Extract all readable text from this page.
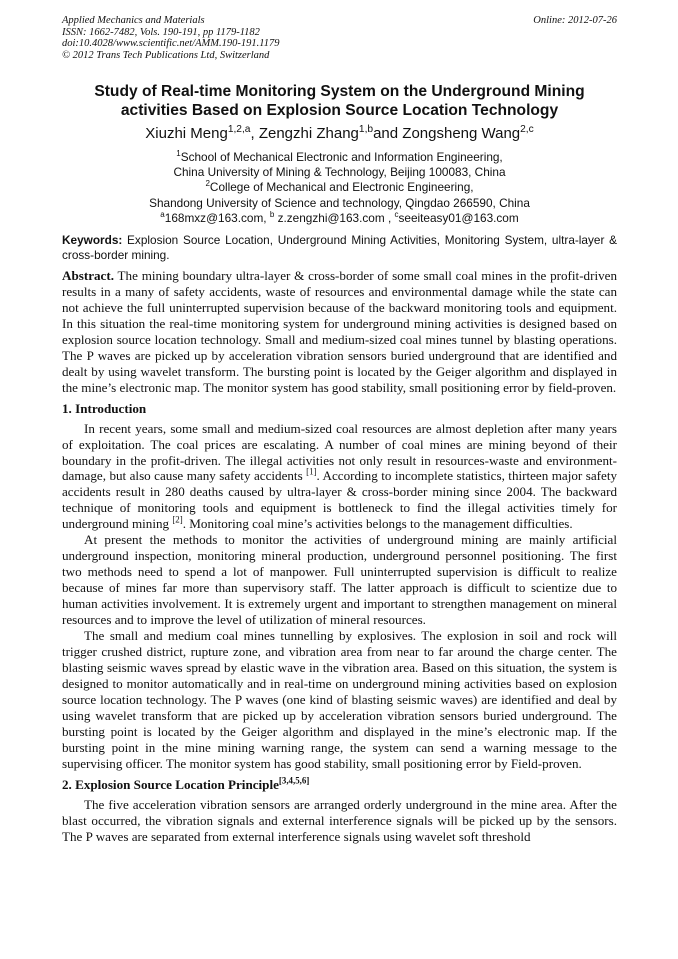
Applied Mechanics and Materials
ISSN: 1662-7482, Vols. 190-191, pp 1179-1182
doi:10.4028/www.scientific.net/AMM.190-191.1179
© 2012 Trans Tech Publications Ltd, Switzerland
Online: 2012-07-26
Study of Real-time Monitoring System on the Underground Mining
activities Based on Explosion Source Location Technology
Xiuzhi Meng$^{1,2,a}$, Zengzhi Zhang$^{1,b}$and Zongsheng Wang$^{2,c}$
$^1$School of Mechanical Electronic and Information Engineering,
China University of Mining & Technology, Beijing 100083, China
$^2$College of Mechanical and Electronic Engineering,
Shandong University of Science and technology, Qingdao 266590, China
$^a$168mxz@163.com, $^b$ z.zengzhi@163.com , $^c$seeiteasy01@163.com
Keywords: Explosion Source Location, Underground Mining Activities, Monitoring System, ultra-layer & cross-border mining.

Abstract. The mining boundary ultra-layer & cross-border of some small coal mines in the profit-driven results in a many of safety accidents, waste of resources and environmental damage while the state can not achieve the full uninterrupted supervision because of the backward monitoring tools and equipment. In this situation the real-time monitoring system for underground mining activities is designed based on explosion source location technology. Small and medium-sized coal mines tunnel by blasting operations. The P waves are picked up by acceleration vibration sensors buried underground that are identified and dealt by using wavelet transform. The bursting point is located by the Geiger algorithm and displayed in the mine’s electronic map. The monitor system has good stability, small positioning error by field-proven.

1. Introduction

In recent years, some small and medium-sized coal resources are almost depletion after many years of exploitation. The coal prices are escalating. A number of coal mines are mining beyond of their boundary in the profit-driven. The illegal activities not only result in resources-waste and environment-damage, but also cause many safety accidents [1]. According to incomplete statistics, thirteen major safety accidents result in 280 deaths caused by ultra-layer & cross-border mining since 2004. The backward technique of monitoring tools and equipment is bottleneck to find the illegal activities timely for underground mining [2]. Monitoring coal mine’s activities belongs to the management difficulties.

At present the methods to monitor the activities of underground mining are mainly artificial underground inspection, monitoring mineral production, underground personnel positioning. The first two methods need to spend a lot of manpower. Full uninterrupted supervision is difficult to realize because of mines far more than supervisory staff. The latter approach is difficult to scientize due to human activities involvement. It is extremely urgent and important to strengthen management on mineral resources and to improve the level of utilization of mineral resources.

The small and medium coal mines tunnelling by explosives. The explosion in soil and rock will trigger crushed district, rupture zone, and vibration area from near to far around the charge center. The blasting seismic waves spread by elastic wave in the vibration area. Based on this situation, the system is designed to monitor automatically and in real-time on underground mining activities based on explosion source location technology. The P waves (one kind of blasting seismic waves) are identified and deal by using wavelet transform that are picked up by acceleration vibration sensors buried underground. The bursting point is located by the Geiger algorithm and displayed in the mine’s electronic map. If the bursting point in the mine mining warning range, the system can send a warning message to the supervising officer. The monitor system has good stability, small positioning error by Field-proven.

2. Explosion Source Location Principle[3,4,5,6]

The five acceleration vibration sensors are arranged orderly underground in the mine area. After the blast occurred, the vibration signals and external interference signals will be picked up by the sensors. The P waves are separated from external interference signals using wavelet soft threshold
